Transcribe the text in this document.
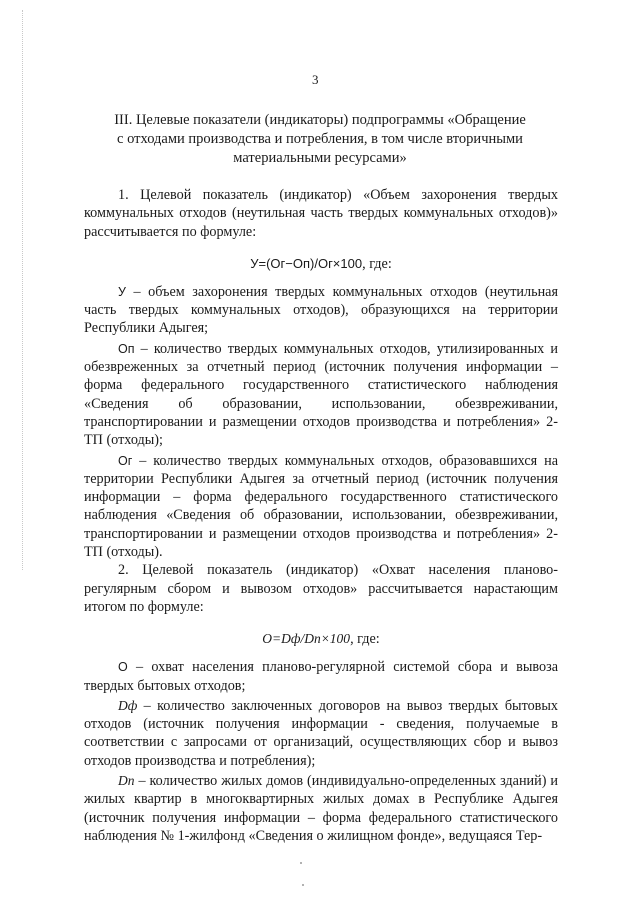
3
III. Целевые показатели (индикаторы) подпрограммы «Обращение
с отходами производства и потребления, в том числе вторичными
материальными ресурсами»

1. Целевой показатель (индикатор) «Объем захоронения твердых коммунальных отходов (неутильная часть твердых коммунальных отходов)» рассчитывается по формуле:

У=(Ог−Оп)/Ог×100, где:

У – объем захоронения твердых коммунальных отходов (неутильная часть твердых коммунальных отходов), образующихся на территории Республики Адыгея;

Оп – количество твердых коммунальных отходов, утилизированных и обезвреженных за отчетный период (источник получения информации – форма федерального государственного статистического наблюдения «Сведения об образовании, использовании, обезвреживании, транспортировании и размещении отходов производства и потребления» 2-ТП (отходы);

Ог – количество твердых коммунальных отходов, образовавшихся на территории Республики Адыгея за отчетный период (источник получения информации – форма федерального государственного статистического наблюдения «Сведения об образовании, использовании, обезвреживании, транспортировании и размещении отходов производства и потребления» 2-ТП (отходы).

2. Целевой показатель (индикатор) «Охват населения планово-регулярным сбором и вывозом отходов» рассчитывается нарастающим итогом по формуле:

О=Dф/Dn×100, где:

О – охват населения планово-регулярной системой сбора и вывоза твердых бытовых отходов;

Dф – количество заключенных договоров на вывоз твердых бытовых отходов (источник получения информации - сведения, получаемые в соответствии с запросами от организаций, осуществляющих сбор и вывоз отходов производства и потребления);

Dn – количество жилых домов (индивидуально-определенных зданий) и жилых квартир в многоквартирных жилых домах в Республике Адыгея (источник получения информации – форма федерального статистического наблюдения № 1-жилфонд «Сведения о жилищном фонде», ведущаяся Тер-
